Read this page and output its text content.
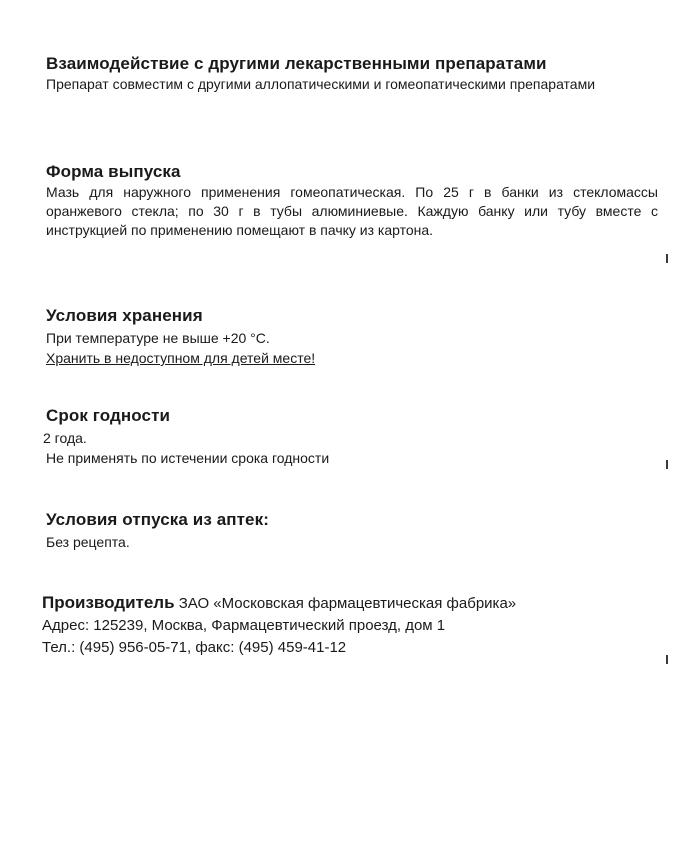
Взаимодействие с другими лекарственными препаратами

Препарат совместим с другими аллопатическими и гомеопатическими препаратами

Форма выпуска

Мазь для наружного применения гомеопатическая. По 25 г в банки из стекломассы оранжевого стекла; по 30 г в тубы алюминиевые. Каждую банку или тубу вместе с инструкцией по применению помещают в пачку из картона.

Условия хранения

При температуре не выше +20 °С.

Хранить в недоступном для детей месте!

Срок годности

2 года.

Не применять по истечении срока годности

Условия отпуска из аптек:

Без рецепта.

Производитель ЗАО «Московская фармацевтическая фабрика»

Адрес: 125239, Москва, Фармацевтический проезд, дом 1

Тел.: (495) 956-05-71, факс: (495) 459-41-12
